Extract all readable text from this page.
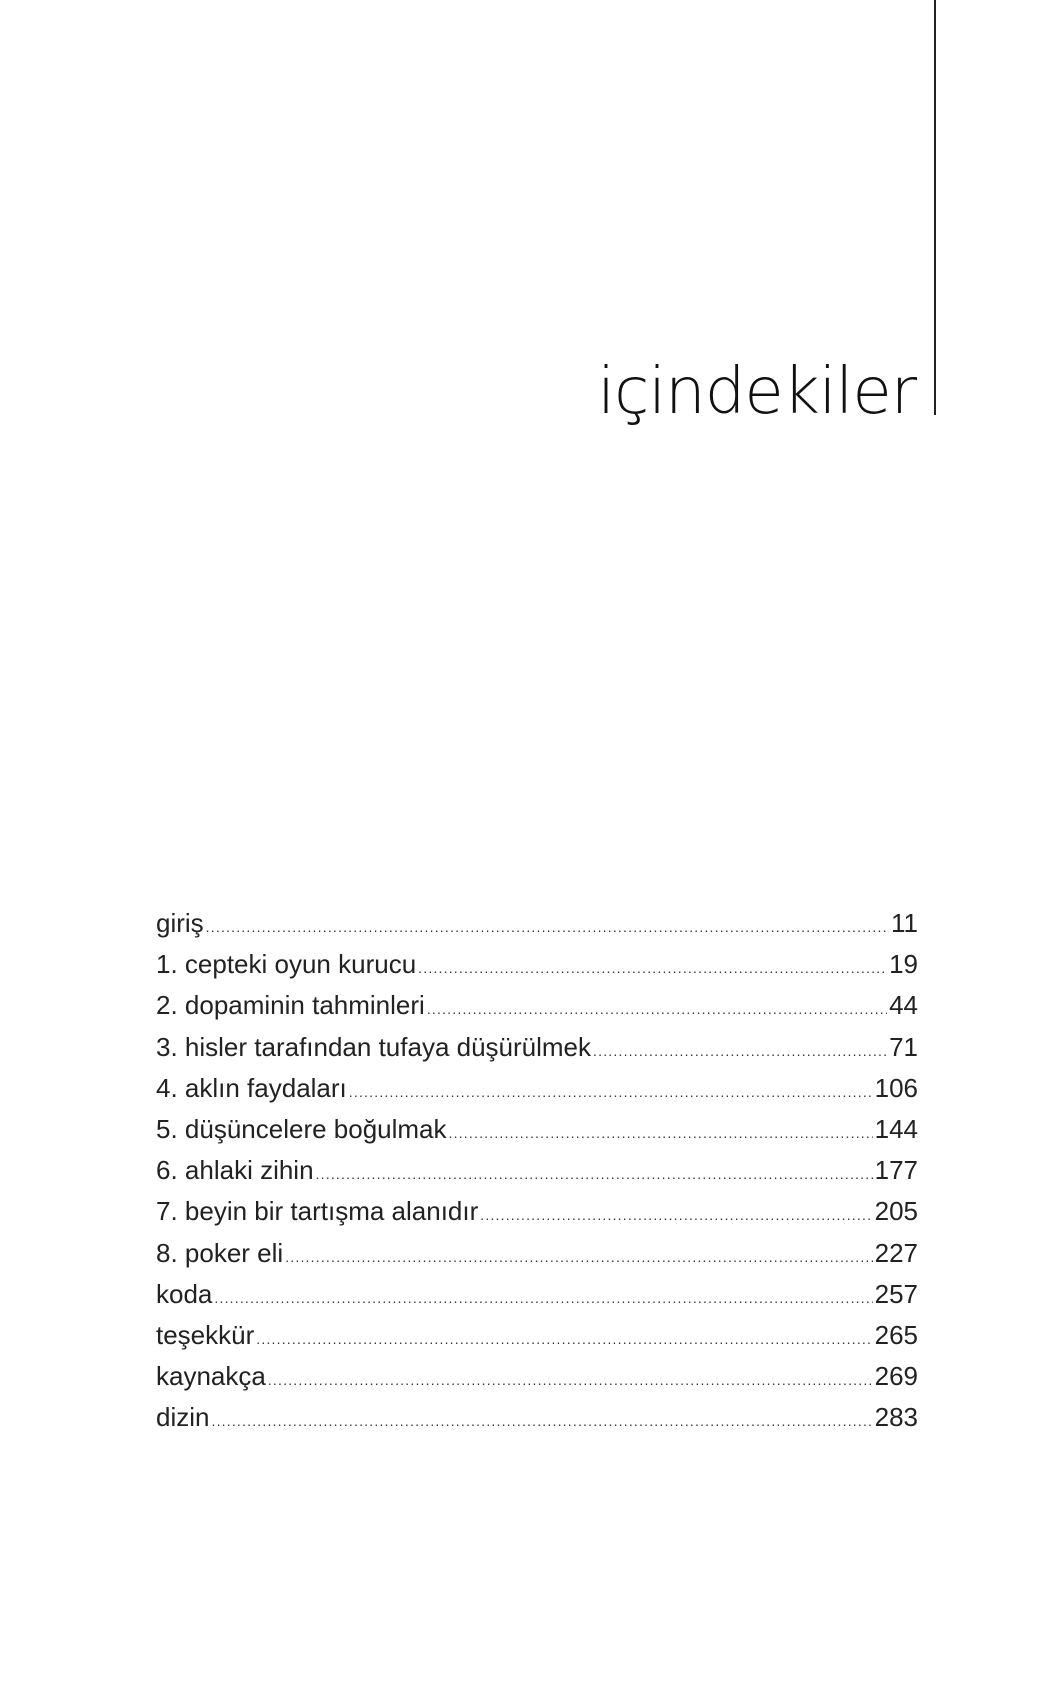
içindekiler
giriş .....	11
1. cepteki oyun kurucu .....	19
2. dopaminin tahminleri .....	44
3. hisler tarafından tufaya düşürülmek .....	71
4. aklın faydaları .....	106
5. düşüncelere boğulmak .....	144
6. ahlaki zihin .....	177
7. beyin bir tartışma alanıdır .....	205
8. poker eli .....	227
koda .....	257
teşekkür .....	265
kaynakça .....	269
dizin .....	283
